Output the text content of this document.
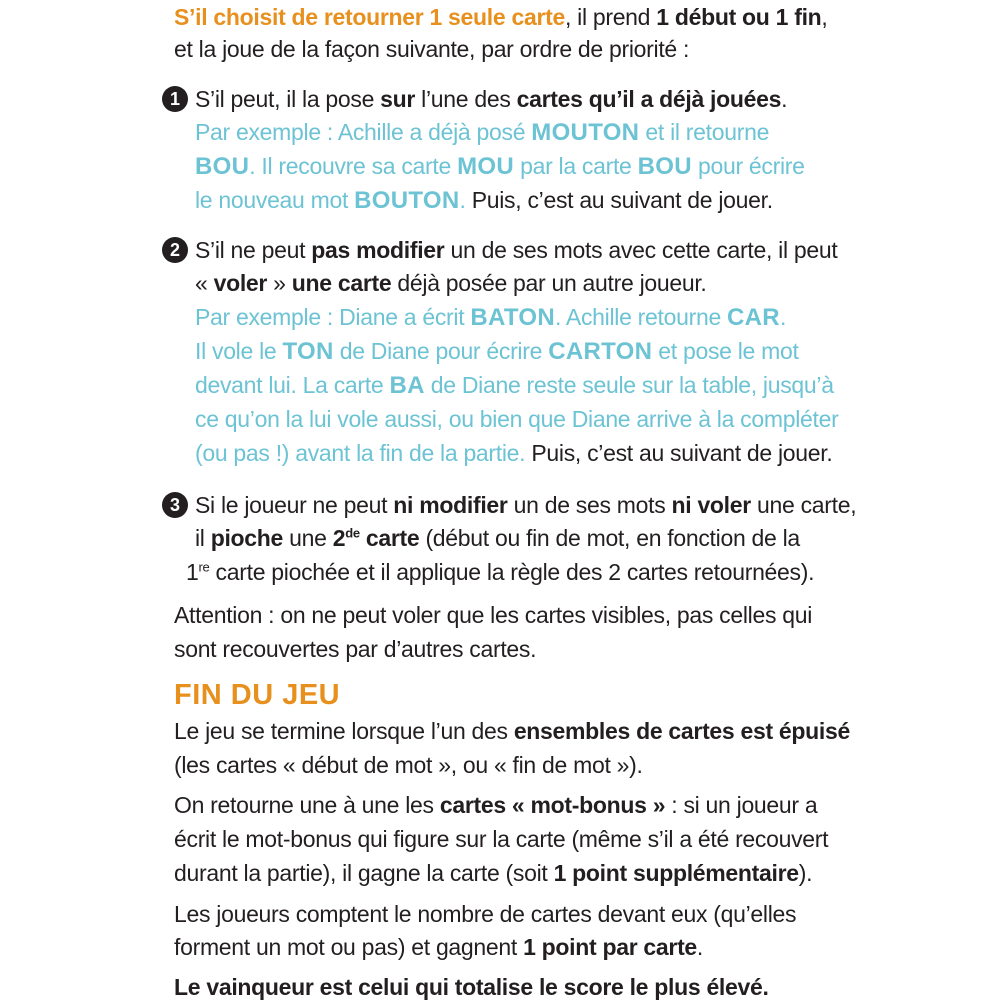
S’il choisit de retourner 1 seule carte, il prend 1 début ou 1 fin,
et la joue de la façon suivante, par ordre de priorité :
1 S’il peut, il la pose sur l’une des cartes qu’il a déjà jouées.
Par exemple : Achille a déjà posé MOUTON et il retourne
BOU. Il recouvre sa carte MOU par la carte BOU pour écrire
le nouveau mot BOUTON. Puis, c’est au suivant de jouer.
2 S’il ne peut pas modifier un de ses mots avec cette carte, il peut
« voler » une carte déjà posée par un autre joueur.
Par exemple : Diane a écrit BATON. Achille retourne CAR.
Il vole le TON de Diane pour écrire CARTON et pose le mot
devant lui. La carte BA de Diane reste seule sur la table, jusqu’à
ce qu’on la lui vole aussi, ou bien que Diane arrive à la compléter
(ou pas !) avant la fin de la partie. Puis, c’est au suivant de jouer.
3 Si le joueur ne peut ni modifier un de ses mots ni voler une carte,
il pioche une 2de carte (début ou fin de mot, en fonction de la
1re carte piochée et il applique la règle des 2 cartes retournées).
Attention : on ne peut voler que les cartes visibles, pas celles qui
sont recouvertes par d’autres cartes.
FIN DU JEU
Le jeu se termine lorsque l’un des ensembles de cartes est épuisé
(les cartes « début de mot », ou « fin de mot »).
On retourne une à une les cartes « mot-bonus » : si un joueur a
écrit le mot-bonus qui figure sur la carte (même s’il a été recouvert
durant la partie), il gagne la carte (soit 1 point supplémentaire).
Les joueurs comptent le nombre de cartes devant eux (qu’elles
forment un mot ou pas) et gagnent 1 point par carte.
Le vainqueur est celui qui totalise le score le plus élevé.
